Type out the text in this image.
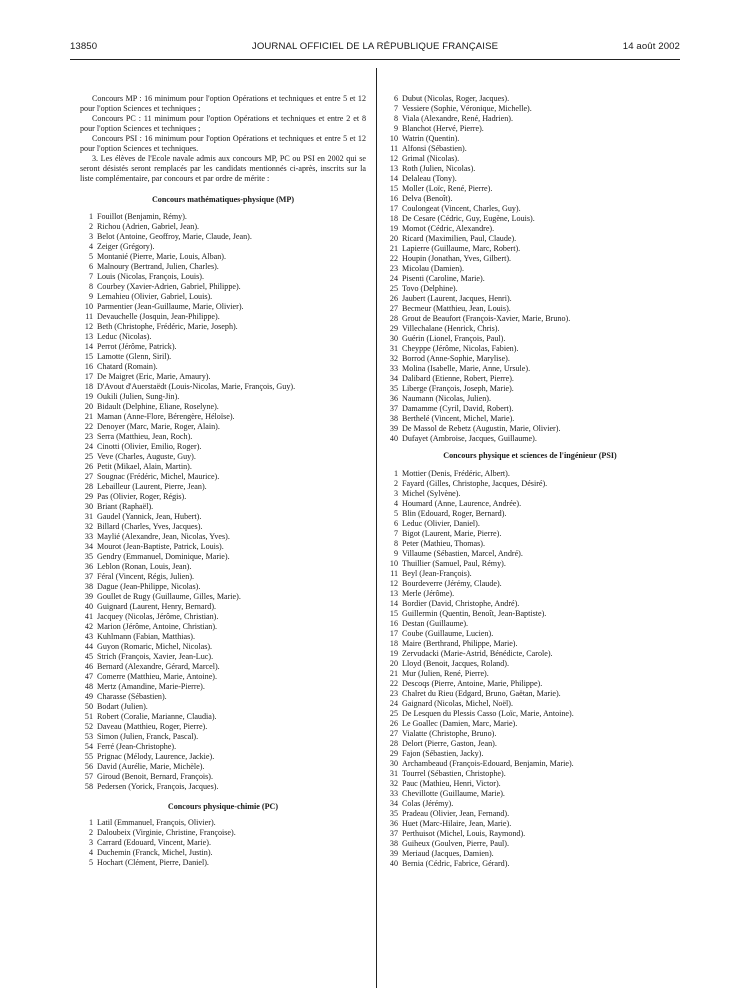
13850	JOURNAL OFFICIEL DE LA RÉPUBLIQUE FRANÇAISE	14 août 2002

Concours MP : 16 minimum pour l'option Opérations et techniques et entre 5 et 12 pour l'option Sciences et techniques ;

Concours PC : 11 minimum pour l'option Opérations et techniques et entre 2 et 8 pour l'option Sciences et techniques ;

Concours PSI : 16 minimum pour l'option Opérations et techniques et entre 5 et 12 pour l'option Sciences et techniques.

3. Les élèves de l'Ecole navale admis aux concours MP, PC ou PSI en 2002 qui se seront désistés seront remplacés par les candidats mentionnés ci-après, inscrits sur la liste complémentaire, par concours et par ordre de mérite :

Concours mathématiques-physique (MP)

1 Fouillot (Benjamin, Rémy).
2 Richou (Adrien, Gabriel, Jean).
3 Belot (Antoine, Geoffroy, Marie, Claude, Jean).
4 Zeiger (Grégory).
5 Montanié (Pierre, Marie, Louis, Alban).
6 Malnoury (Bertrand, Julien, Charles).
7 Louis (Nicolas, François, Louis).
8 Courbey (Xavier-Adrien, Gabriel, Philippe).
9 Lemahieu (Olivier, Gabriel, Louis).
10 Parmentier (Jean-Guillaume, Marie, Olivier).
11 Devauchelle (Josquin, Jean-Philippe).
12 Beth (Christophe, Frédéric, Marie, Joseph).
13 Leduc (Nicolas).
14 Perrot (Jérôme, Patrick).
15 Lamotte (Glenn, Siril).
16 Chatard (Romain).
17 De Maigret (Eric, Marie, Amaury).
18 D'Avout d'Auerstaëdt (Louis-Nicolas, Marie, François, Guy).
19 Oukili (Julien, Sung-Jin).
20 Bidault (Delphine, Eliane, Roselyne).
21 Maman (Anne-Flore, Bérengère, Héloïse).
22 Denoyer (Marc, Marie, Roger, Alain).
23 Serra (Matthieu, Jean, Roch).
24 Cinotti (Olivier, Emilio, Roger).
25 Veve (Charles, Auguste, Guy).
26 Petit (Mikael, Alain, Martin).
27 Sougnac (Frédéric, Michel, Maurice).
28 Lebailleur (Laurent, Pierre, Jean).
29 Pas (Olivier, Roger, Régis).
30 Briant (Raphaël).
31 Gaudel (Yannick, Jean, Hubert).
32 Billard (Charles, Yves, Jacques).
33 Maylié (Alexandre, Jean, Nicolas, Yves).
34 Mourot (Jean-Baptiste, Patrick, Louis).
35 Gendry (Emmanuel, Dominique, Marie).
36 Leblon (Ronan, Louis, Jean).
37 Féral (Vincent, Régis, Julien).
38 Dague (Jean-Philippe, Nicolas).
39 Goullet de Rugy (Guillaume, Gilles, Marie).
40 Guignard (Laurent, Henry, Bernard).
41 Jacquey (Nicolas, Jérôme, Christian).
42 Marion (Jérôme, Antoine, Christian).
43 Kuhlmann (Fabian, Matthias).
44 Guyon (Romaric, Michel, Nicolas).
45 Strich (François, Xavier, Jean-Luc).
46 Bernard (Alexandre, Gérard, Marcel).
47 Comerre (Matthieu, Marie, Antoine).
48 Mertz (Amandine, Marie-Pierre).
49 Charasse (Sébastien).
50 Bodart (Julien).
51 Robert (Coralie, Marianne, Claudia).
52 Daveau (Matthieu, Roger, Pierre).
53 Simon (Julien, Franck, Pascal).
54 Ferré (Jean-Christophe).
55 Prignac (Mélody, Laurence, Jackie).
56 David (Aurélie, Marie, Michèle).
57 Giroud (Benoit, Bernard, François).
58 Pedersen (Yorick, François, Jacques).

Concours physique-chimie (PC)

1 Latil (Emmanuel, François, Olivier).
2 Daloubeix (Virginie, Christine, Françoise).
3 Carrard (Edouard, Vincent, Marie).
4 Duchemin (Franck, Michel, Justin).
5 Hochart (Clément, Pierre, Daniel).
6 Dubut (Nicolas, Roger, Jacques).
7 Vessiere (Sophie, Véronique, Michelle).
8 Viala (Alexandre, René, Hadrien).
9 Blanchot (Hervé, Pierre).
10 Watrin (Quentin).
11 Alfonsi (Sébastien).
12 Grimal (Nicolas).
13 Roth (Julien, Nicolas).
14 Delaleau (Tony).
15 Moller (Loïc, René, Pierre).
16 Delva (Benoît).
17 Coulongeat (Vincent, Charles, Guy).
18 De Cesare (Cédric, Guy, Eugène, Louis).
19 Momot (Cédric, Alexandre).
20 Ricard (Maximilien, Paul, Claude).
21 Lapierre (Guillaume, Marc, Robert).
22 Houpin (Jonathan, Yves, Gilbert).
23 Micolau (Damien).
24 Pisenti (Caroline, Marie).
25 Tovo (Delphine).
26 Jaubert (Laurent, Jacques, Henri).
27 Becmeur (Matthieu, Jean, Louis).
28 Grout de Beaufort (François-Xavier, Marie, Bruno).
29 Villechalane (Henrick, Chris).
30 Guérin (Lionel, François, Paul).
31 Cheyppe (Jérôme, Nicolas, Fabien).
32 Borrod (Anne-Sophie, Marylise).
33 Molina (Isabelle, Marie, Anne, Ursule).
34 Dalibard (Etienne, Robert, Pierre).
35 Liberge (François, Joseph, Marie).
36 Naumann (Nicolas, Julien).
37 Damamme (Cyril, David, Robert).
38 Berthelé (Vincent, Michel, Marie).
39 De Massol de Rebetz (Augustin, Marie, Olivier).
40 Dufayet (Ambroise, Jacques, Guillaume).

Concours physique et sciences de l'ingénieur (PSI)

1 Mottier (Denis, Frédéric, Albert).
2 Fayard (Gilles, Christophe, Jacques, Désiré).
3 Michel (Sylvène).
4 Houmard (Anne, Laurence, Andrée).
5 Blin (Edouard, Roger, Bernard).
6 Leduc (Olivier, Daniel).
7 Bigot (Laurent, Marie, Pierre).
8 Peter (Mathieu, Thomas).
9 Villaume (Sébastien, Marcel, André).
10 Thuillier (Samuel, Paul, Rémy).
11 Beyl (Jean-François).
12 Bourdeverre (Jérémy, Claude).
13 Merle (Jérôme).
14 Bordier (David, Christophe, André).
15 Guillermin (Quentin, Benoît, Jean-Baptiste).
16 Destan (Guillaume).
17 Coube (Guillaume, Lucien).
18 Maire (Berthrand, Philippe, Marie).
19 Zervudacki (Marie-Astrid, Bénédicte, Carole).
20 Lloyd (Benoit, Jacques, Roland).
21 Mur (Julien, René, Pierre).
22 Descoqs (Pierre, Antoine, Marie, Philippe).
23 Chalret du Rieu (Edgard, Bruno, Gaëtan, Marie).
24 Gaignard (Nicolas, Michel, Noël).
25 De Lesquen du Plessis Casso (Loïc, Marie, Antoine).
26 Le Goallec (Damien, Marc, Marie).
27 Vialatte (Christophe, Bruno).
28 Delort (Pierre, Gaston, Jean).
29 Fajon (Sébastien, Jacky).
30 Archambeaud (François-Edouard, Benjamin, Marie).
31 Tourrel (Sébastien, Christophe).
32 Pauc (Mathieu, Henri, Victor).
33 Chevillotte (Guillaume, Marie).
34 Colas (Jérémy).
35 Pradeau (Olivier, Jean, Fernand).
36 Huet (Marc-Hilaire, Jean, Marie).
37 Perthuisot (Michel, Louis, Raymond).
38 Guiheux (Goulven, Pierre, Paul).
39 Meriaud (Jacques, Damien).
40 Bernia (Cédric, Fabrice, Gérard).
